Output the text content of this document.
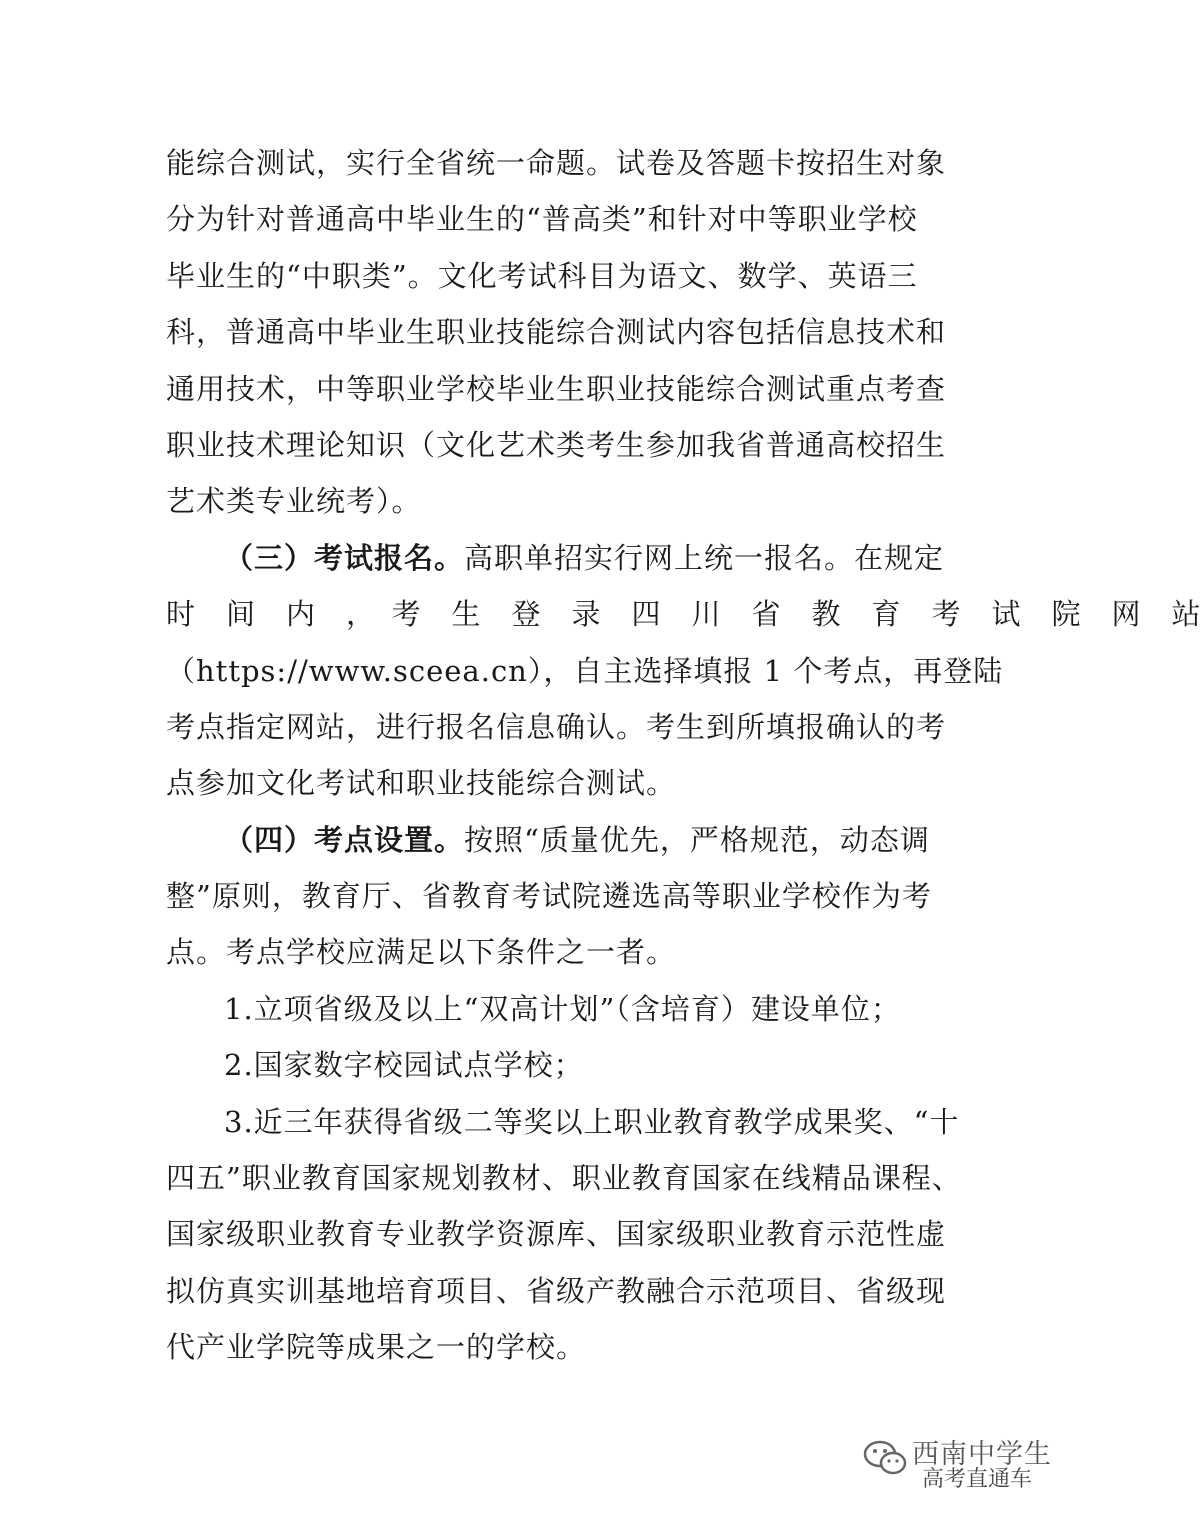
能综合测试，实行全省统一命题。试卷及答题卡按招生对象
分为针对普通高中毕业生的“普高类”和针对中等职业学校
毕业生的“中职类”。文化考试科目为语文、数学、英语三
科，普通高中毕业生职业技能综合测试内容包括信息技术和
通用技术，中等职业学校毕业生职业技能综合测试重点考查
职业技术理论知识（文化艺术类考生参加我省普通高校招生
艺术类专业统考）。
（三）考试报名。高职单招实行网上统一报名。在规定
时　间　内　，　考　生　登　录　四　川　省　教　育　考　试　院　网　站
（https://www.sceea.cn），自主选择填报 1 个考点，再登陆
考点指定网站，进行报名信息确认。考生到所填报确认的考
点参加文化考试和职业技能综合测试。
（四）考点设置。按照“质量优先，严格规范，动态调
整”原则，教育厅、省教育考试院遴选高等职业学校作为考
点。考点学校应满足以下条件之一者。
1.立项省级及以上“双高计划”（含培育）建设单位；
2.国家数字校园试点学校；
3.近三年获得省级二等奖以上职业教育教学成果奖、“十
四五”职业教育国家规划教材、职业教育国家在线精品课程、
国家级职业教育专业教学资源库、国家级职业教育示范性虚
拟仿真实训基地培育项目、省级产教融合示范项目、省级现
代产业学院等成果之一的学校。
西南中学生
高考直通车
